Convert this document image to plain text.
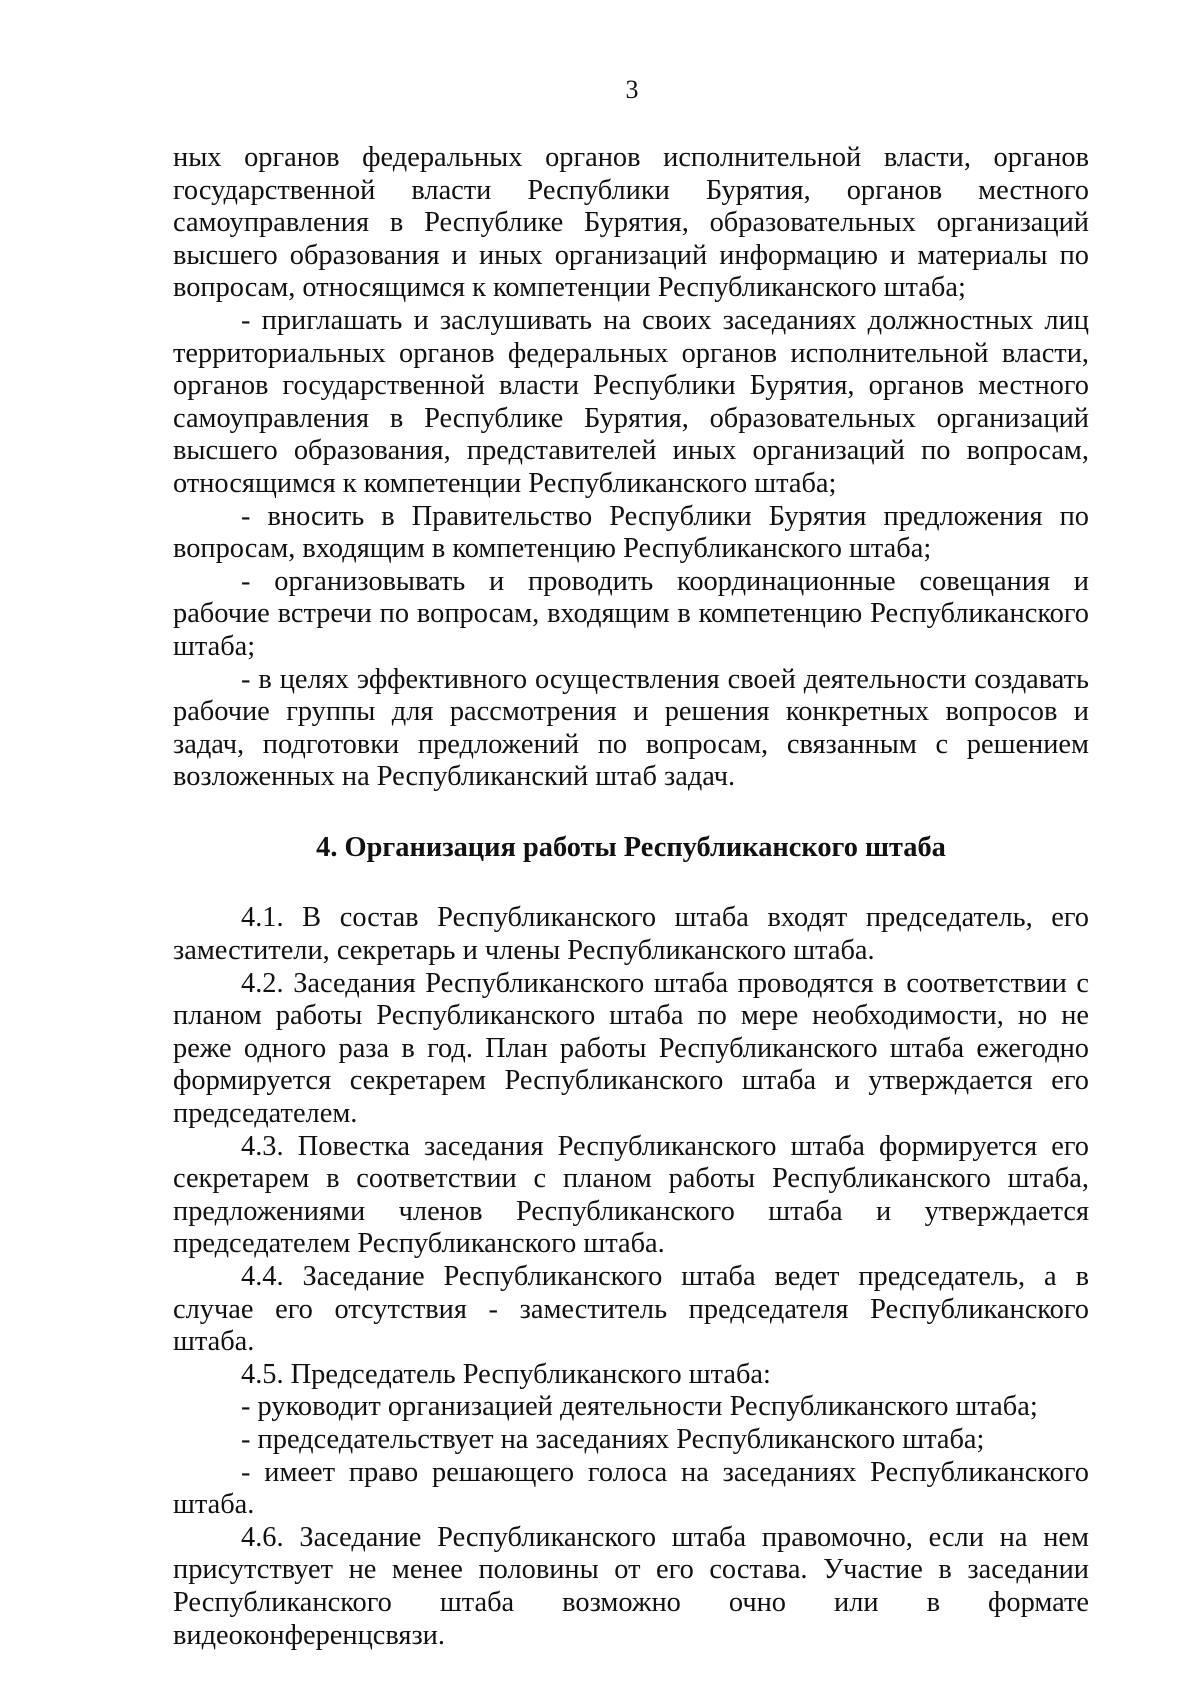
3

ных органов федеральных органов исполнительной власти, органов государственной власти Республики Бурятия, органов местного самоуправления в Республике Бурятия, образовательных организаций высшего образования и иных организаций информацию и материалы по вопросам, относящимся к компетенции Республиканского штаба;

- приглашать и заслушивать на своих заседаниях должностных лиц территориальных органов федеральных органов исполнительной власти, органов государственной власти Республики Бурятия, органов местного самоуправления в Республике Бурятия, образовательных организаций высшего образования, представителей иных организаций по вопросам, относящимся к компетенции Республиканского штаба;

- вносить в Правительство Республики Бурятия предложения по вопросам, входящим в компетенцию Республиканского штаба;

- организовывать и проводить координационные совещания и рабочие встречи по вопросам, входящим в компетенцию Республиканского штаба;

- в целях эффективного осуществления своей деятельности создавать рабочие группы для рассмотрения и решения конкретных вопросов и задач, подготовки предложений по вопросам, связанным с решением возложенных на Республиканский штаб задач.

4. Организация работы Республиканского штаба

4.1. В состав Республиканского штаба входят председатель, его заместители, секретарь и члены Республиканского штаба.

4.2. Заседания Республиканского штаба проводятся в соответствии с планом работы Республиканского штаба по мере необходимости, но не реже одного раза в год. План работы Республиканского штаба ежегодно формируется секретарем Республиканского штаба и утверждается его председателем.

4.3. Повестка заседания Республиканского штаба формируется его секретарем в соответствии с планом работы Республиканского штаба, предложениями членов Республиканского штаба и утверждается председателем Республиканского штаба.

4.4. Заседание Республиканского штаба ведет председатель, а в случае его отсутствия - заместитель председателя Республиканского штаба.

4.5. Председатель Республиканского штаба:

- руководит организацией деятельности Республиканского штаба;

- председательствует на заседаниях Республиканского штаба;

- имеет право решающего голоса на заседаниях Республиканского штаба.

4.6. Заседание Республиканского штаба правомочно, если на нем присутствует не менее половины от его состава. Участие в заседании Республиканского штаба возможно очно или в формате видеоконференцсвязи.
